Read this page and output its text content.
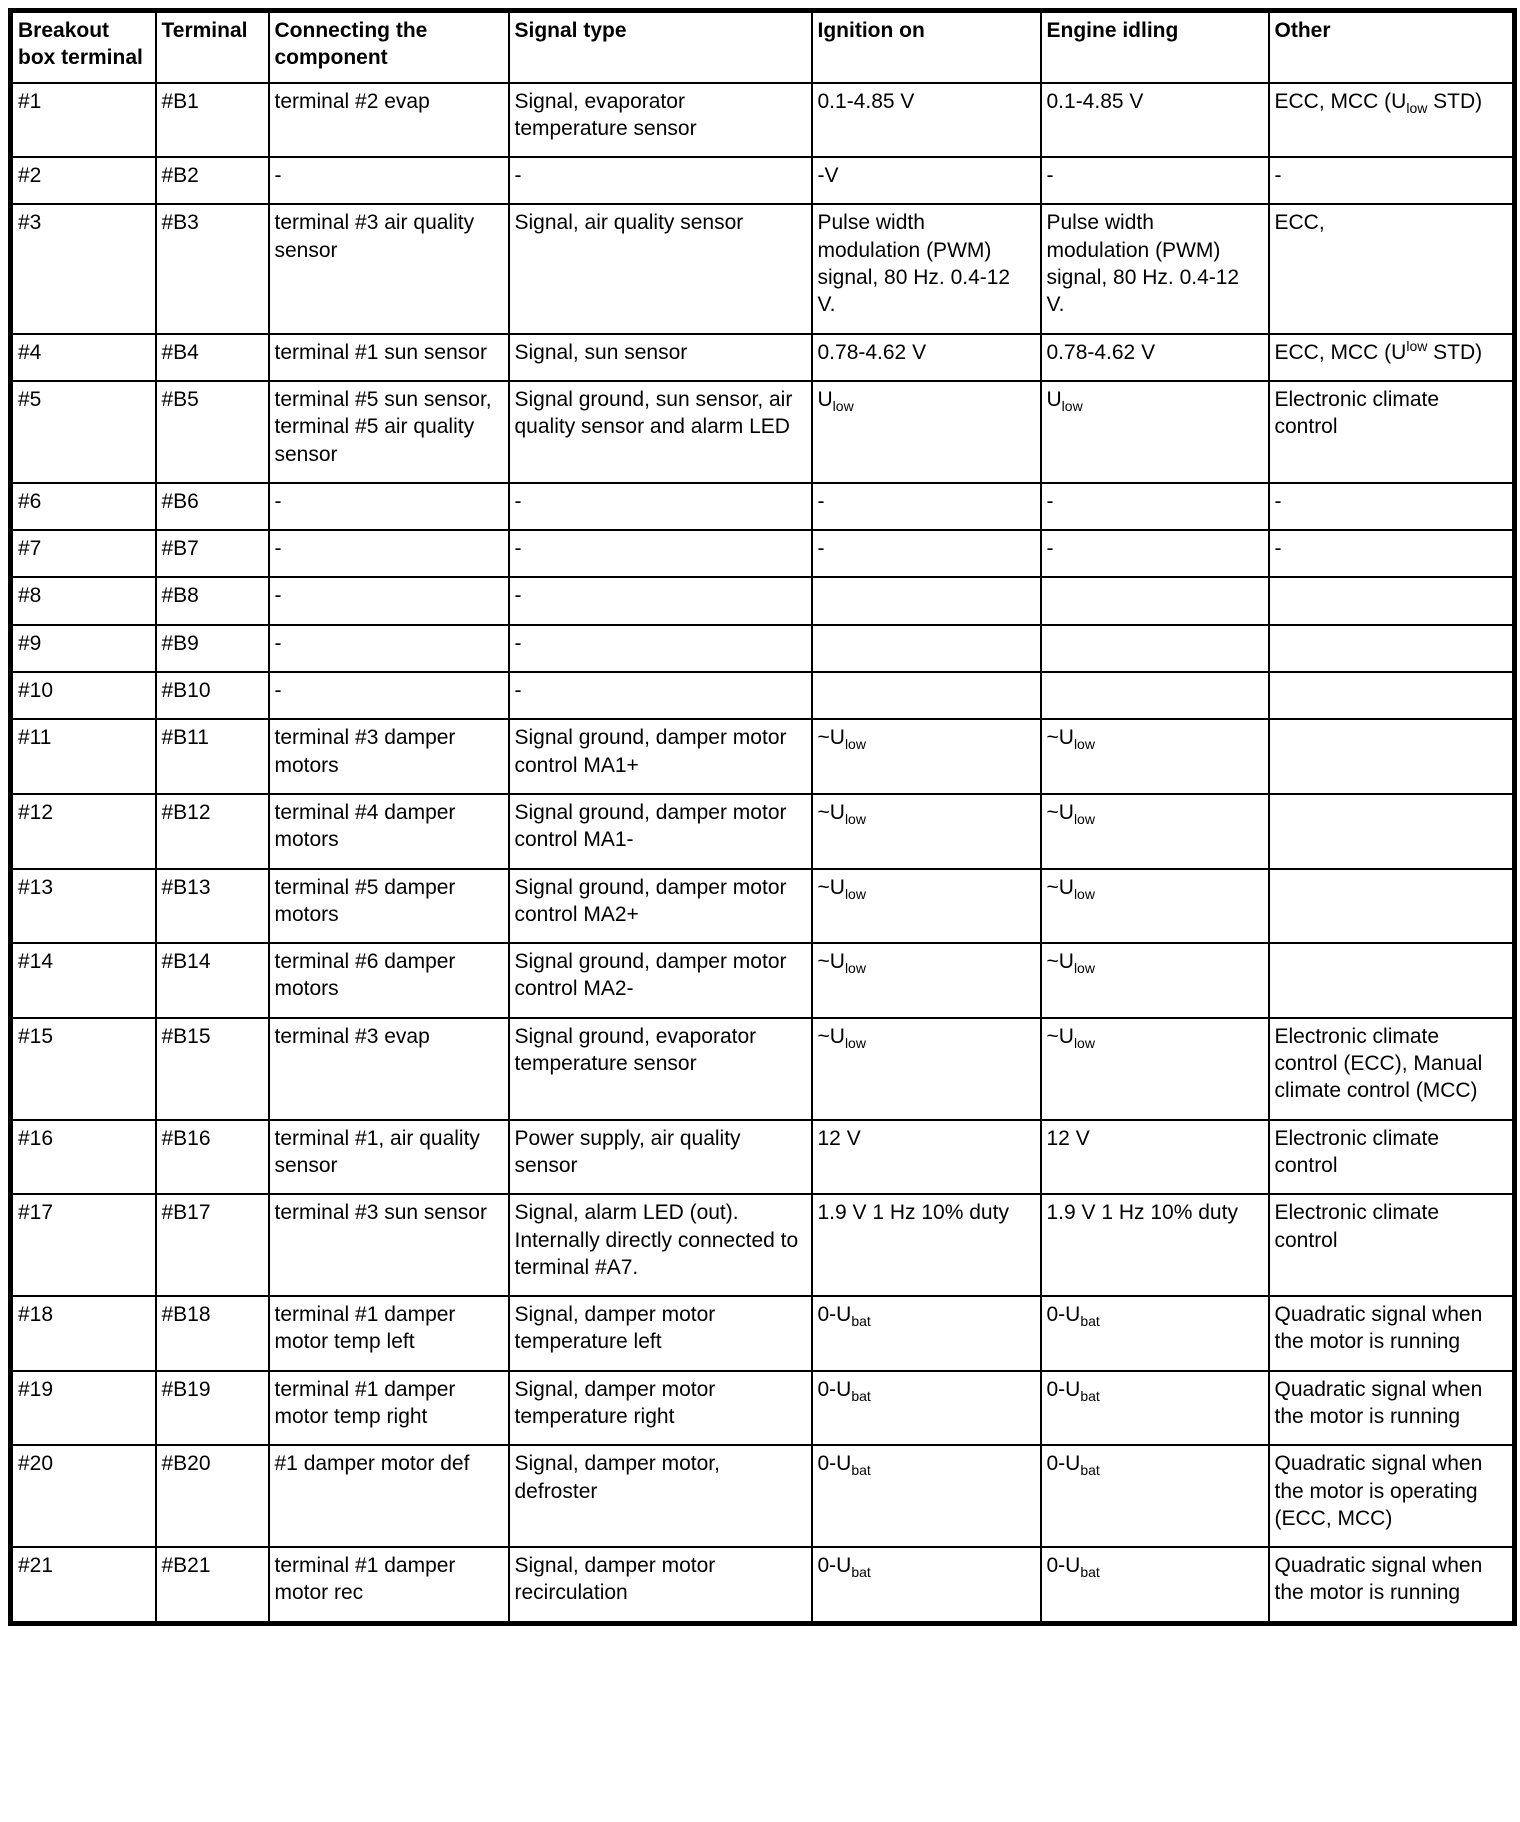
Breakout box terminal	Terminal	Connecting the component	Signal type	Ignition on	Engine idling	Other
#1	#B1	terminal #2 evap	Signal, evaporator temperature sensor	0.1-4.85 V	0.1-4.85 V	ECC, MCC ($U_{low}$ STD)
#2	#B2	-	-	-V	-	-
#3	#B3	terminal #3 air quality sensor	Signal, air quality sensor	Pulse width modulation (PWM) signal, 80 Hz. 0.4-12 V.	Pulse width modulation (PWM) signal, 80 Hz. 0.4-12 V.	ECC,
#4	#B4	terminal #1 sun sensor	Signal, sun sensor	0.78-4.62 V	0.78-4.62 V	ECC, MCC ($U^{low}$ STD)
#5	#B5	terminal #5 sun sensor, terminal #5 air quality sensor	Signal ground, sun sensor, air quality sensor and alarm LED	$U_{low}$	$U_{low}$	Electronic climate control
#6	#B6	-	-	-	-	-
#7	#B7	-	-	-	-	-
#8	#B8	-	-			
#9	#B9	-	-			
#10	#B10	-	-			
#11	#B11	terminal #3 damper motors	Signal ground, damper motor control MA1+	$\sim U_{low}$	$\sim U_{low}$	
#12	#B12	terminal #4 damper motors	Signal ground, damper motor control MA1-	$\sim U_{low}$	$\sim U_{low}$	
#13	#B13	terminal #5 damper motors	Signal ground, damper motor control MA2+	$\sim U_{low}$	$\sim U_{low}$	
#14	#B14	terminal #6 damper motors	Signal ground, damper motor control MA2-	$\sim U_{low}$	$\sim U_{low}$	
#15	#B15	terminal #3 evap	Signal ground, evaporator temperature sensor	$\sim U_{low}$	$\sim U_{low}$	Electronic climate control (ECC), Manual climate control (MCC)
#16	#B16	terminal #1, air quality sensor	Power supply, air quality sensor	12 V	12 V	Electronic climate control
#17	#B17	terminal #3 sun sensor	Signal, alarm LED (out). Internally directly connected to terminal #A7.	1.9 V 1 Hz 10% duty	1.9 V 1 Hz 10% duty	Electronic climate control
#18	#B18	terminal #1 damper motor temp left	Signal, damper motor temperature left	$0-U_{bat}$	$0-U_{bat}$	Quadratic signal when the motor is running
#19	#B19	terminal #1 damper motor temp right	Signal, damper motor temperature right	$0-U_{bat}$	$0-U_{bat}$	Quadratic signal when the motor is running
#20	#B20	#1 damper motor def	Signal, damper motor, defroster	$0-U_{bat}$	$0-U_{bat}$	Quadratic signal when the motor is operating (ECC, MCC)
#21	#B21	terminal #1 damper motor rec	Signal, damper motor recirculation	$0-U_{bat}$	$0-U_{bat}$	Quadratic signal when the motor is running
